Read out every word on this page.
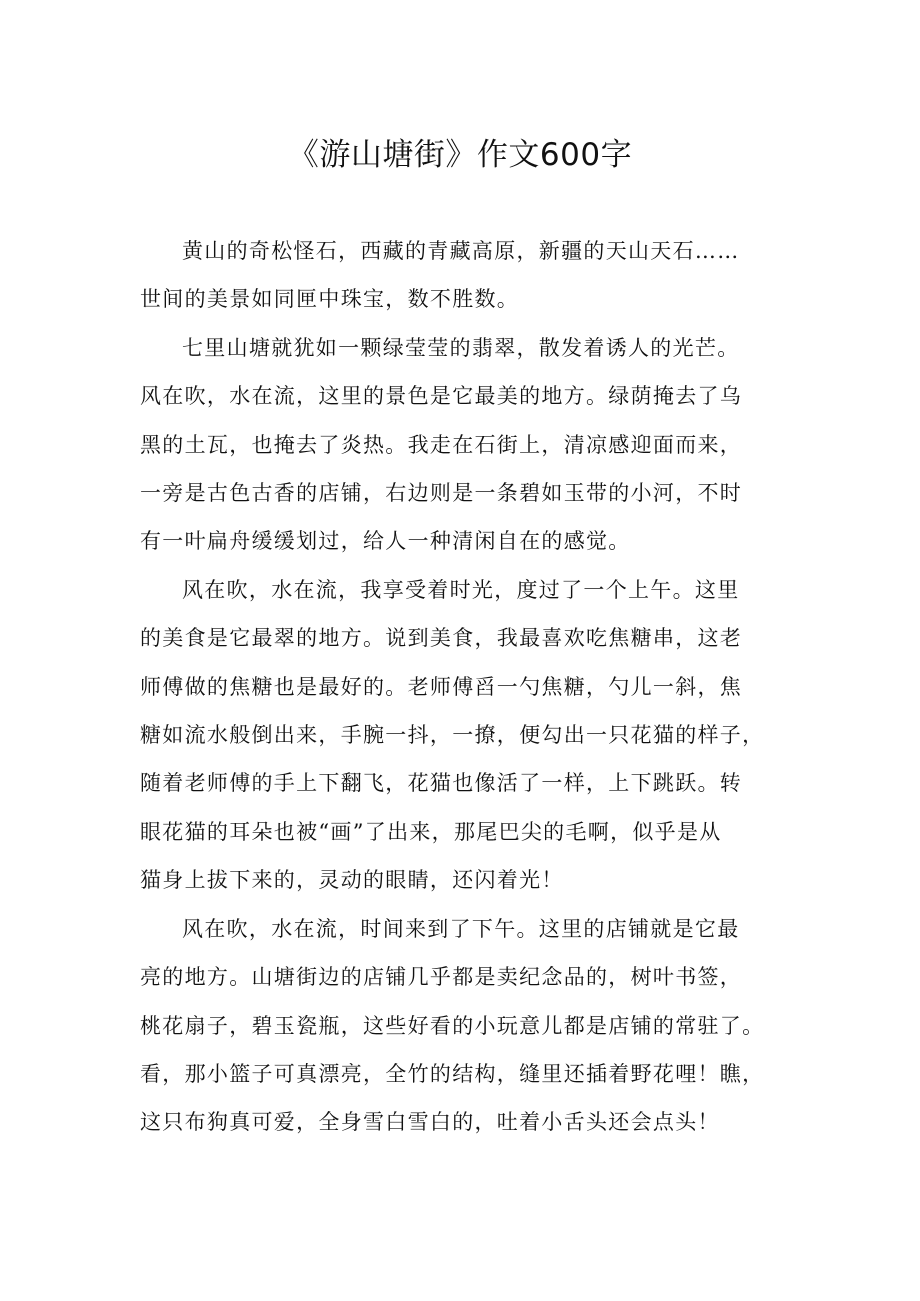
《游山塘街》作文600字

黄山的奇松怪石，西藏的青藏高原，新疆的天山天石……
世间的美景如同匣中珠宝，数不胜数。

七里山塘就犹如一颗绿莹莹的翡翠，散发着诱人的光芒。
风在吹，水在流，这里的景色是它最美的地方。绿荫掩去了乌
黑的土瓦，也掩去了炎热。我走在石街上，清凉感迎面而来，
一旁是古色古香的店铺，右边则是一条碧如玉带的小河，不时
有一叶扁舟缓缓划过，给人一种清闲自在的感觉。

风在吹，水在流，我享受着时光，度过了一个上午。这里
的美食是它最翠的地方。说到美食，我最喜欢吃焦糖串，这老
师傅做的焦糖也是最好的。老师傅舀一勺焦糖，勺儿一斜，焦
糖如流水般倒出来，手腕一抖，一撩，便勾出一只花猫的样子，
随着老师傅的手上下翻飞，花猫也像活了一样，上下跳跃。转
眼花猫的耳朵也被“画”了出来，那尾巴尖的毛啊，似乎是从
猫身上拔下来的，灵动的眼睛，还闪着光！

风在吹，水在流，时间来到了下午。这里的店铺就是它最
亮的地方。山塘街边的店铺几乎都是卖纪念品的，树叶书签，
桃花扇子，碧玉瓷瓶，这些好看的小玩意儿都是店铺的常驻了。
看，那小篮子可真漂亮，全竹的结构，缝里还插着野花哩！瞧，
这只布狗真可爱，全身雪白雪白的，吐着小舌头还会点头！
